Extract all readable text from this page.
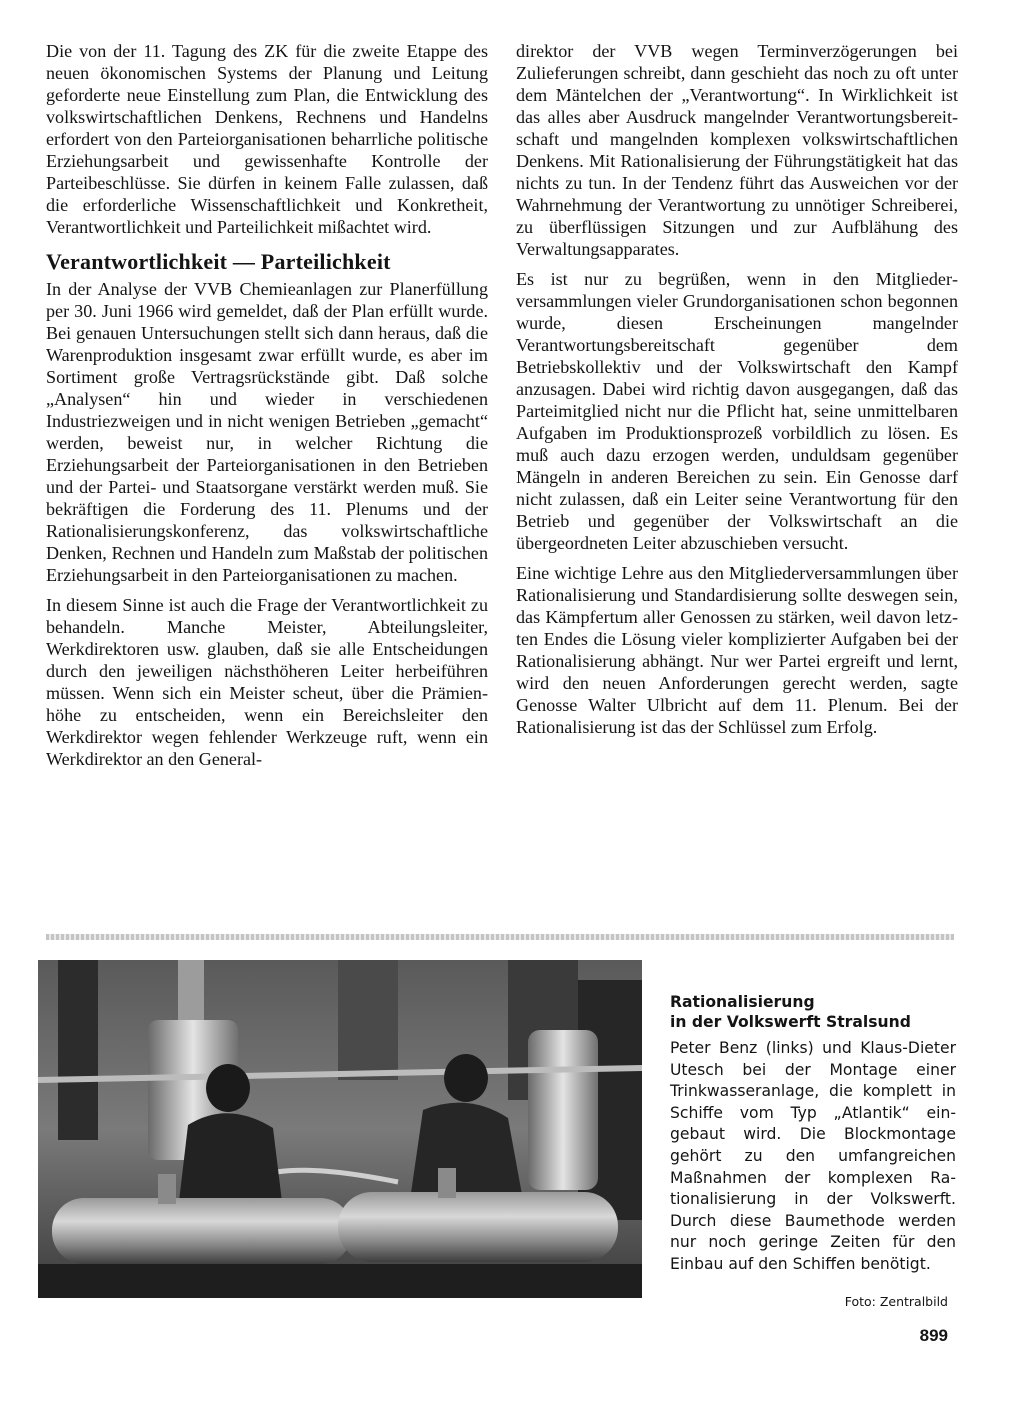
Die von der 11. Tagung des ZK für die zweite Etappe des neuen ökonomischen Systems der Planung und Leitung geforderte neue Einstellung zum Plan, die Entwicklung des volkswirtschaftlichen Denkens, Rechnens und Handelns erfordert von den Parteiorganisationen beharrliche politische Erziehungsarbeit und gewissenhafte Kontrolle der Parteibeschlüsse. Sie dürfen in keinem Falle zulassen, daß die erforderliche Wissenschaftlichkeit und Konkretheit, Verantwortlichkeit und Parteilichkeit mißachtet wird.

Verantwortlichkeit — Parteilichkeit

In der Analyse der VVB Chemieanlagen zur Planerfüllung per 30. Juni 1966 wird gemeldet, daß der Plan erfüllt wurde. Bei genauen Untersuchungen stellt sich dann heraus, daß die Warenproduktion insgesamt zwar erfüllt wurde, es aber im Sortiment große Vertragsrückstände gibt. Daß solche „Analysen“ hin und wieder in verschiedenen Industriezweigen und in nicht wenigen Betrieben „gemacht“ werden, beweist nur, in welcher Richtung die Erziehungsarbeit der Parteiorganisationen in den Betrieben und der Partei- und Staatsorgane verstärkt werden muß. Sie bekräftigen die Forderung des 11. Plenums und der Rationalisierungskonferenz, das volkswirtschaftliche Denken, Rechnen und Handeln zum Maßstab der politischen Erziehungsarbeit in den Parteiorganisationen zu machen.

In diesem Sinne ist auch die Frage der Verantwortlichkeit zu behandeln. Manche Meister, Abteilungsleiter, Werkdirektoren usw. glauben, daß sie alle Entscheidungen durch den jeweiligen nächsthöheren Leiter herbeiführen müssen. Wenn sich ein Meister scheut, über die Prämienhöhe zu entscheiden, wenn ein Bereichsleiter den Werkdirektor wegen fehlender Werkzeuge ruft, wenn ein Werkdirektor an den General-

direktor der VVB wegen Terminverzögerungen bei Zulieferungen schreibt, dann geschieht das noch zu oft unter dem Mäntelchen der „Verantwortung“. In Wirklichkeit ist das alles aber Ausdruck mangelnder Verantwortungsbereitschaft und mangelnden komplexen volkswirtschaftlichen Denkens. Mit Rationalisierung der Führungstätigkeit hat das nichts zu tun. In der Tendenz führt das Ausweichen vor der Wahrnehmung der Verantwortung zu unnötiger Schreiberei, zu überflüssigen Sitzungen und zur Aufblähung des Verwaltungsapparates.

Es ist nur zu begrüßen, wenn in den Mitgliederversammlungen vieler Grundorganisationen schon begonnen wurde, diesen Erscheinungen mangelnder Verantwortungsbereitschaft gegenüber dem Betriebskollektiv und der Volkswirtschaft den Kampf anzusagen. Dabei wird richtig davon ausgegangen, daß das Parteimitglied nicht nur die Pflicht hat, seine unmittelbaren Aufgaben im Produktionsprozeß vorbildlich zu lösen. Es muß auch dazu erzogen werden, unduldsam gegenüber Mängeln in anderen Bereichen zu sein. Ein Genosse darf nicht zulassen, daß ein Leiter seine Verantwortung für den Betrieb und gegenüber der Volkswirtschaft an die übergeordneten Leiter abzuschieben versucht.

Eine wichtige Lehre aus den Mitgliederversammlungen über Rationalisierung und Standardisierung sollte deswegen sein, das Kämpfertum aller Genossen zu stärken, weil davon letzten Endes die Lösung vieler komplizierter Aufgaben bei der Rationalisierung abhängt. Nur wer Partei ergreift und lernt, wird den neuen Anforderungen gerecht werden, sagte Genosse Walter Ulbricht auf dem 11. Plenum. Bei der Rationalisierung ist das der Schlüssel zum Erfolg.

Rationalisierung
in der Volkswerft Stralsund

Peter Benz (links) und Klaus-Dieter Utesch bei der Montage einer Trinkwasseranlage, die komplett in Schiffe vom Typ „Atlantik“ eingebaut wird. Die Blockmontage gehört zu den umfangreichen Maßnahmen der komplexen Rationalisierung in der Volkswerft. Durch diese Baumethode werden nur noch geringe Zeiten für den Einbau auf den Schiffen benötigt.

Foto: Zentralbild
899
